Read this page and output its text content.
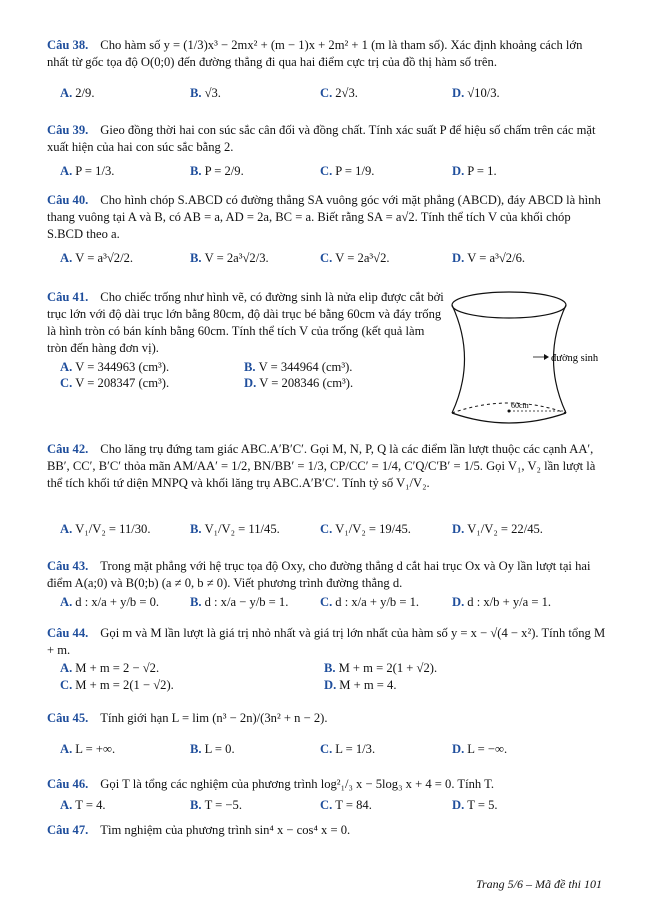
Câu 38. Cho hàm số y = (1/3)x³ − 2mx² + (m − 1)x + 2m² + 1 (m là tham số). Xác định khoảng cách lớn nhất từ gốc tọa độ O(0;0) đến đường thẳng đi qua hai điểm cực trị của đồ thị hàm số trên.
A. 2/9.	B. √3.	C. 2√3.	D. √10/3.
Câu 39. Gieo đồng thời hai con súc sắc cân đối và đồng chất. Tính xác suất P để hiệu số chấm trên các mặt xuất hiện của hai con súc sắc bằng 2.
A. P = 1/3.	B. P = 2/9.	C. P = 1/9.	D. P = 1.
Câu 40. Cho hình chóp S.ABCD có đường thẳng SA vuông góc với mặt phẳng (ABCD), đáy ABCD là hình thang vuông tại A và B, có AB = a, AD = 2a, BC = a. Biết rằng SA = a√2. Tính thể tích V của khối chóp S.BCD theo a.
A. V = a³√2/2.	B. V = 2a³√2/3.	C. V = 2a³√2.	D. V = a³√2/6.
Câu 41. Cho chiếc trống như hình vẽ, có đường sinh là nửa elip được cắt bởi trục lớn với độ dài trục lớn bằng 80cm, độ dài trục bé bằng 60cm và đáy trống là hình tròn có bán kính bằng 60cm. Tính thể tích V của trống (kết quả làm tròn đến hàng đơn vị).
A. V = 344963 (cm³).	B. V = 344964 (cm³).
C. V = 208347 (cm³).	D. V = 208346 (cm³).
60cm
đường sinh
Câu 42. Cho lăng trụ đứng tam giác ABC.A′B′C′. Gọi M, N, P, Q là các điểm lần lượt thuộc các cạnh AA′, BB′, CC′, B′C′ thỏa mãn AM/AA′ = 1/2, BN/BB′ = 1/3, CP/CC′ = 1/4, C′Q/C′B′ = 1/5. Gọi V₁, V₂ lần lượt là thể tích khối tứ diện MNPQ và khối lăng trụ ABC.A′B′C′. Tính tỷ số V₁/V₂.
A. V₁/V₂ = 11/30.	B. V₁/V₂ = 11/45.	C. V₁/V₂ = 19/45.	D. V₁/V₂ = 22/45.
Câu 43. Trong mặt phẳng với hệ trục tọa độ Oxy, cho đường thẳng d cắt hai trục Ox và Oy lần lượt tại hai điểm A(a;0) và B(0;b) (a ≠ 0, b ≠ 0). Viết phương trình đường thẳng d.
A. d : x/a + y/b = 0. B. d : x/a − y/b = 1.	C. d : x/a + y/b = 1.	D. d : x/b + y/a = 1.
Câu 44. Gọi m và M lần lượt là giá trị nhỏ nhất và giá trị lớn nhất của hàm số y = x − √(4 − x²). Tính tổng M + m.
A. M + m = 2 − √2.	B. M + m = 2(1 + √2).
C. M + m = 2(1 − √2).	D. M + m = 4.
Câu 45. Tính giới hạn L = lim (n³ − 2n)/(3n² + n − 2).
A. L = +∞.	B. L = 0.	C. L = 1/3.	D. L = −∞.
Câu 46. Gọi T là tổng các nghiệm của phương trình log²₁/₃ x − 5log₃ x + 4 = 0. Tính T.
A. T = 4.	B. T = −5.	C. T = 84.	D. T = 5.
Câu 47. Tìm nghiệm của phương trình sin⁴ x − cos⁴ x = 0.
Trang 5/6 – Mã đề thi 101
